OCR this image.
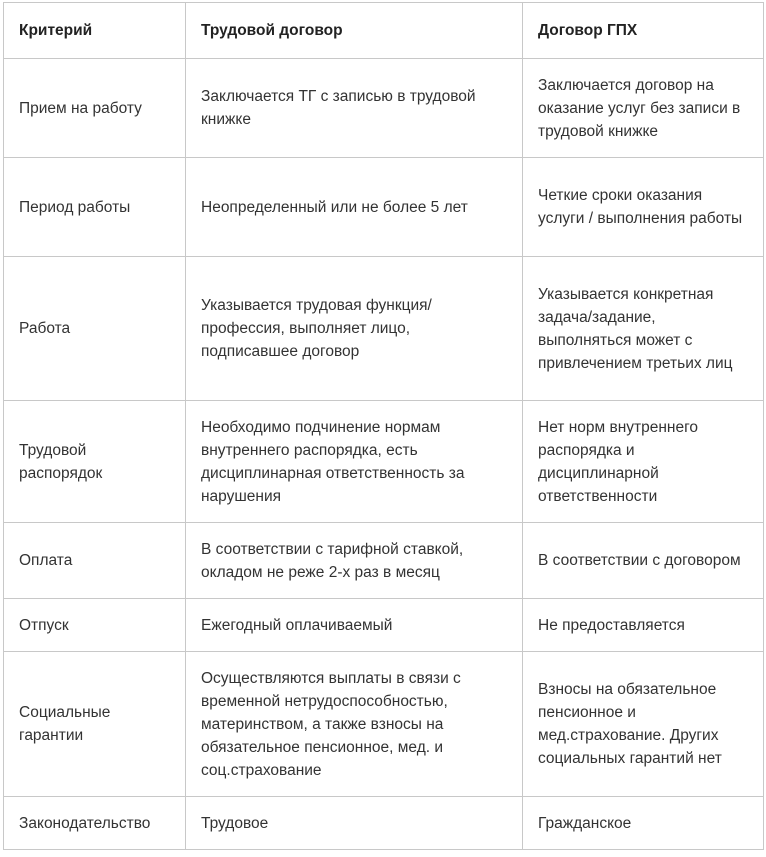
Критерий	Трудовой договор	Договор ГПХ
Прием на работу	Заключается ТГ с записью в трудовой книжке	Заключается договор на оказание услуг без записи в трудовой книжке
Период работы	Неопределенный или не более 5 лет	Четкие сроки оказания услуги / выполнения работы
Работа	Указывается трудовая функция/профессия, выполняет лицо, подписавшее договор	Указывается конкретная задача/задание, выполняться может с привлечением третьих лиц
Трудовой распорядок	Необходимо подчинение нормам внутреннего распорядка, есть дисциплинарная ответственность за нарушения	Нет норм внутреннего распорядка и дисциплинарной ответственности
Оплата	В соответствии с тарифной ставкой, окладом не реже 2-х раз в месяц	В соответствии с договором
Отпуск	Ежегодный оплачиваемый	Не предоставляется
Социальные гарантии	Осуществляются выплаты в связи с временной нетрудоспособностью, материнством, а также взносы на обязательное пенсионное, мед. и соц.страхование	Взносы на обязательное пенсионное и мед.страхование. Других социальных гарантий нет
Законодательство	Трудовое	Гражданское
